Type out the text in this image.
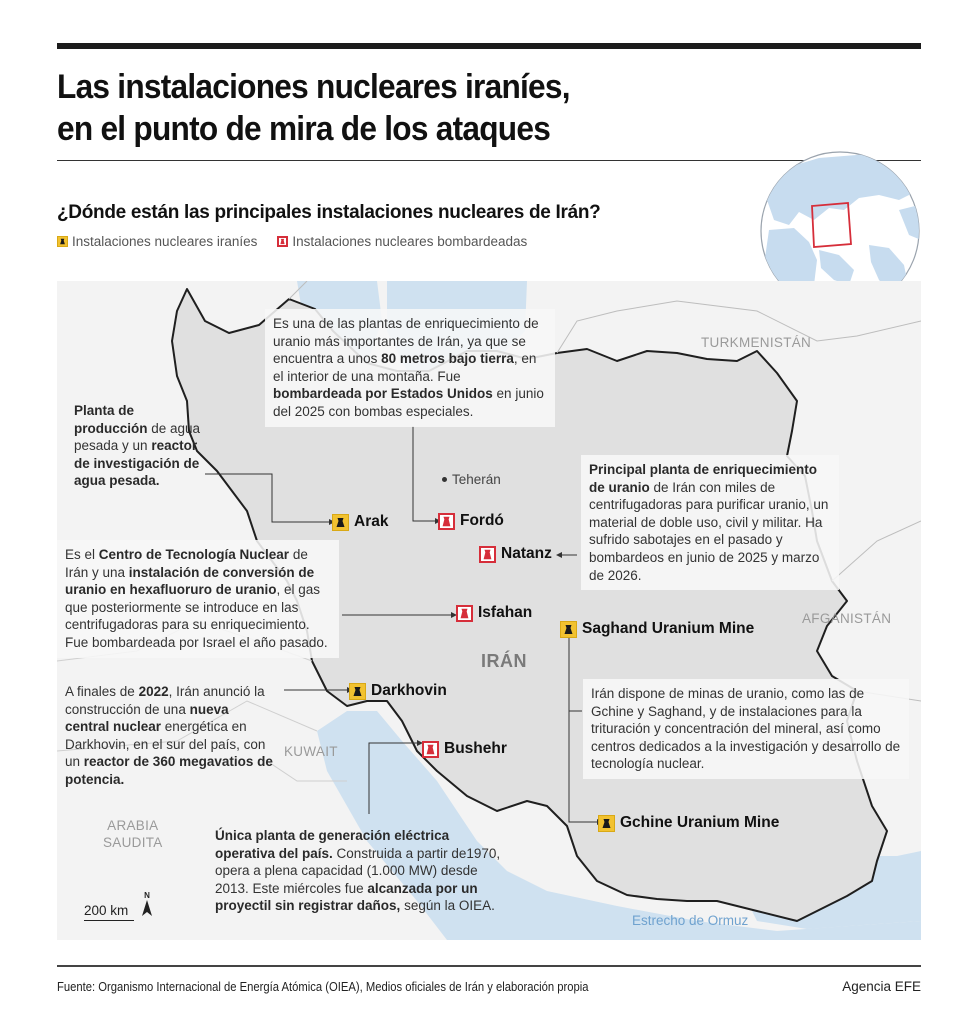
Las instalaciones nucleares iraníes,
en el punto de mira de los ataques
¿Dónde están las principales instalaciones nucleares de Irán?
Instalaciones nucleares iraníes	Instalaciones nucleares bombardeadas
TURKMENISTÁN
AFGANISTÁN
KUWAIT
ARABIA
SAUDITA
IRÁN
Estrecho de Ormuz
Teherán
Arak	Fordó
Natanz
Isfahan
Saghand Uranium Mine
Darkhovin
Bushehr
Gchine Uranium Mine
Es una de las plantas de enriquecimiento de uranio más importantes de Irán, ya que se encuentra a unos 80 metros bajo tierra, en el interior de una montaña. Fue bombardeada por Estados Unidos en junio del 2025 con bombas especiales.
Planta de producción de agua pesada y un reactor de investigación de agua pesada.
Principal planta de enriquecimiento de uranio de Irán con miles de centrifugadoras para purificar uranio, un material de doble uso, civil y militar. Ha sufrido sabotajes en el pasado y bombardeos en junio de 2025 y marzo de 2026.
Es el Centro de Tecnología Nuclear de Irán y una instalación de conversión de uranio en hexafluoruro de uranio, el gas que posteriormente se introduce en las centrifugadoras para su enriquecimiento. Fue bombardeada por Israel el año pasado.
A finales de 2022, Irán anunció la construcción de una nueva central nuclear energética en Darkhovin, en el sur del país, con un reactor de 360 megavatios de potencia.
Irán dispone de minas de uranio, como las de Gchine y Saghand, y de instalaciones para la trituración y concentración del mineral, así como centros dedicados a la investigación y desarrollo de tecnología nuclear.
Única planta de generación eléctrica operativa del país. Construida a partir de1970, opera a plena capacidad (1.000 MW) desde 2013. Este miércoles fue alcanzada por un proyectil sin registrar daños, según la OIEA.
200 km
N
Fuente: Organismo Internacional de Energía Atómica (OIEA), Medios oficiales de Irán y elaboración propia	Agencia EFE
